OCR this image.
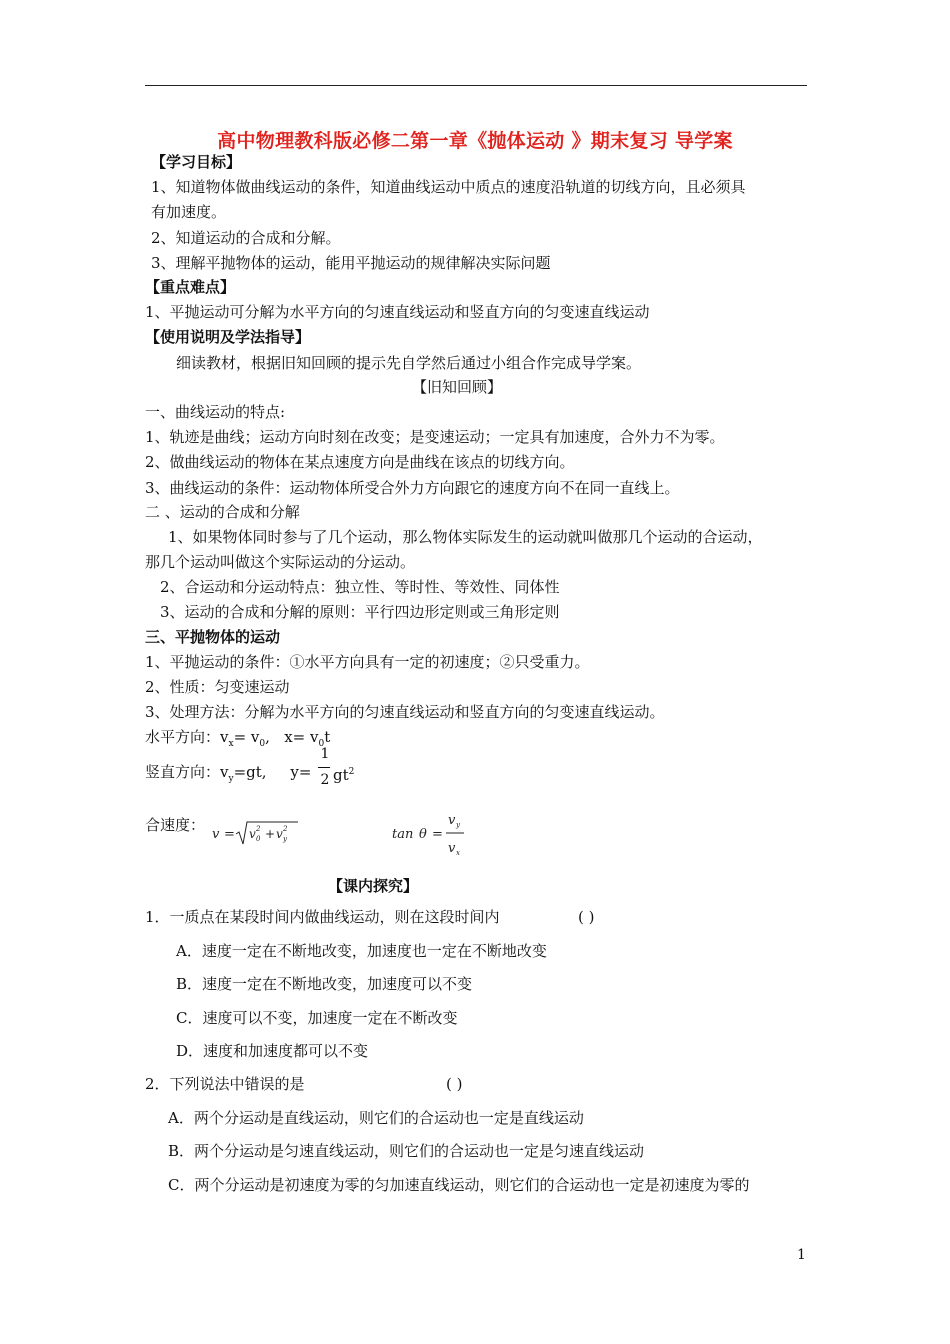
高中物理教科版必修二第一章《抛体运动 》期末复习 导学案
【学习目标】
1、知道物体做曲线运动的条件，知道曲线运动中质点的速度沿轨道的切线方向，且必须具
有加速度。
2、知道运动的合成和分解。
3、理解平抛物体的运动，能用平抛运动的规律解决实际问题
【重点难点】
1、平抛运动可分解为水平方向的匀速直线运动和竖直方向的匀变速直线运动
【使用说明及学法指导】
细读教材，根据旧知回顾的提示先自学然后通过小组合作完成导学案。
【旧知回顾】
一、曲线运动的特点:
1、轨迹是曲线；运动方向时刻在改变；是变速运动；一定具有加速度，合外力不为零。
2、做曲线运动的物体在某点速度方向是曲线在该点的切线方向。
3、曲线运动的条件：运动物体所受合外力方向跟它的速度方向不在同一直线上。
二 、运动的合成和分解
1、如果物体同时参与了几个运动，那么物体实际发生的运动就叫做那几个运动的合运动，
那几个运动叫做这个实际运动的分运动。
2、合运动和分运动特点：独立性、等时性、等效性、同体性
3、运动的合成和分解的原则：平行四边形定则或三角形定则
三、平抛物体的运动
1、平抛运动的条件：①水平方向具有一定的初速度；②只受重力。
2、性质：匀变速运动
3、处理方法：分解为水平方向的匀速直线运动和竖直方向的匀变速直线运动。
水平方向：$v_x= v_0$,   $x= v_0t$
竖直方向：$v_y=gt$,     y=
1
2 $gt^2$
合速度：
v = v 2
0 + v 2
y	tan θ =
v y
v x
【课内探究】
1．一质点在某段时间内做曲线运动，则在这段时间内	( )
A．速度一定在不断地改变，加速度也一定在不断地改变
B．速度一定在不断地改变，加速度可以不变
C．速度可以不变，加速度一定在不断改变
D．速度和加速度都可以不变
2．下列说法中错误的是	( )
A．两个分运动是直线运动，则它们的合运动也一定是直线运动
B．两个分运动是匀速直线运动，则它们的合运动也一定是匀速直线运动
C．两个分运动是初速度为零的匀加速直线运动，则它们的合运动也一定是初速度为零的
1
